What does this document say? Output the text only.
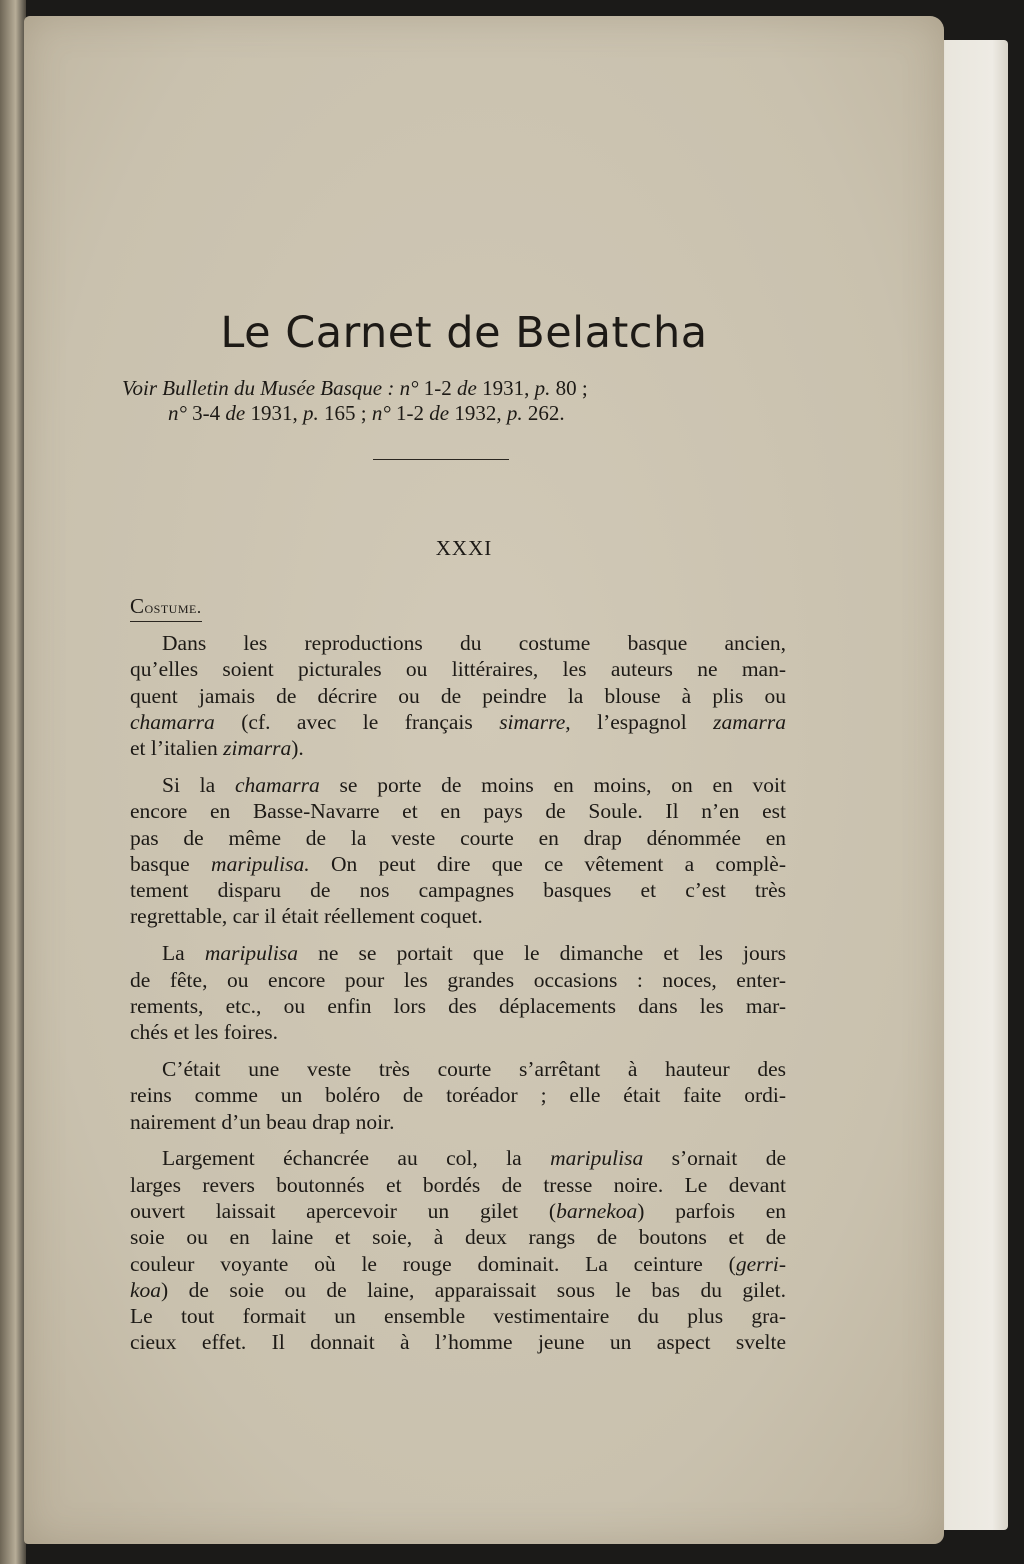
Le Carnet de Belatcha
Voir Bulletin du Musée Basque : n° 1-2 de 1931, p. 80 ;
n° 3-4 de 1931, p. 165 ; n° 1-2 de 1932, p. 262.
XXXI
Costume.
Dans les reproductions du costume basque ancien,
qu’elles soient picturales ou littéraires, les auteurs ne man-
quent jamais de décrire ou de peindre la blouse à plis ou
chamarra (cf. avec le français simarre, l’espagnol zamarra
et l’italien zimarra).
Si la chamarra se porte de moins en moins, on en voit
encore en Basse-Navarre et en pays de Soule. Il n’en est
pas de même de la veste courte en drap dénommée en
basque maripulisa. On peut dire que ce vêtement a complè-
tement disparu de nos campagnes basques et c’est très
regrettable, car il était réellement coquet.
La maripulisa ne se portait que le dimanche et les jours
de fête, ou encore pour les grandes occasions : noces, enter-
rements, etc., ou enfin lors des déplacements dans les mar-
chés et les foires.
C’était une veste très courte s’arrêtant à hauteur des
reins comme un boléro de toréador ; elle était faite ordi-
nairement d’un beau drap noir.
Largement échancrée au col, la maripulisa s’ornait de
larges revers boutonnés et bordés de tresse noire. Le devant
ouvert laissait apercevoir un gilet (barnekoa) parfois en
soie ou en laine et soie, à deux rangs de boutons et de
couleur voyante où le rouge dominait. La ceinture (gerri-
koa) de soie ou de laine, apparaissait sous le bas du gilet.
Le tout formait un ensemble vestimentaire du plus gra-
cieux effet. Il donnait à l’homme jeune un aspect svelte
